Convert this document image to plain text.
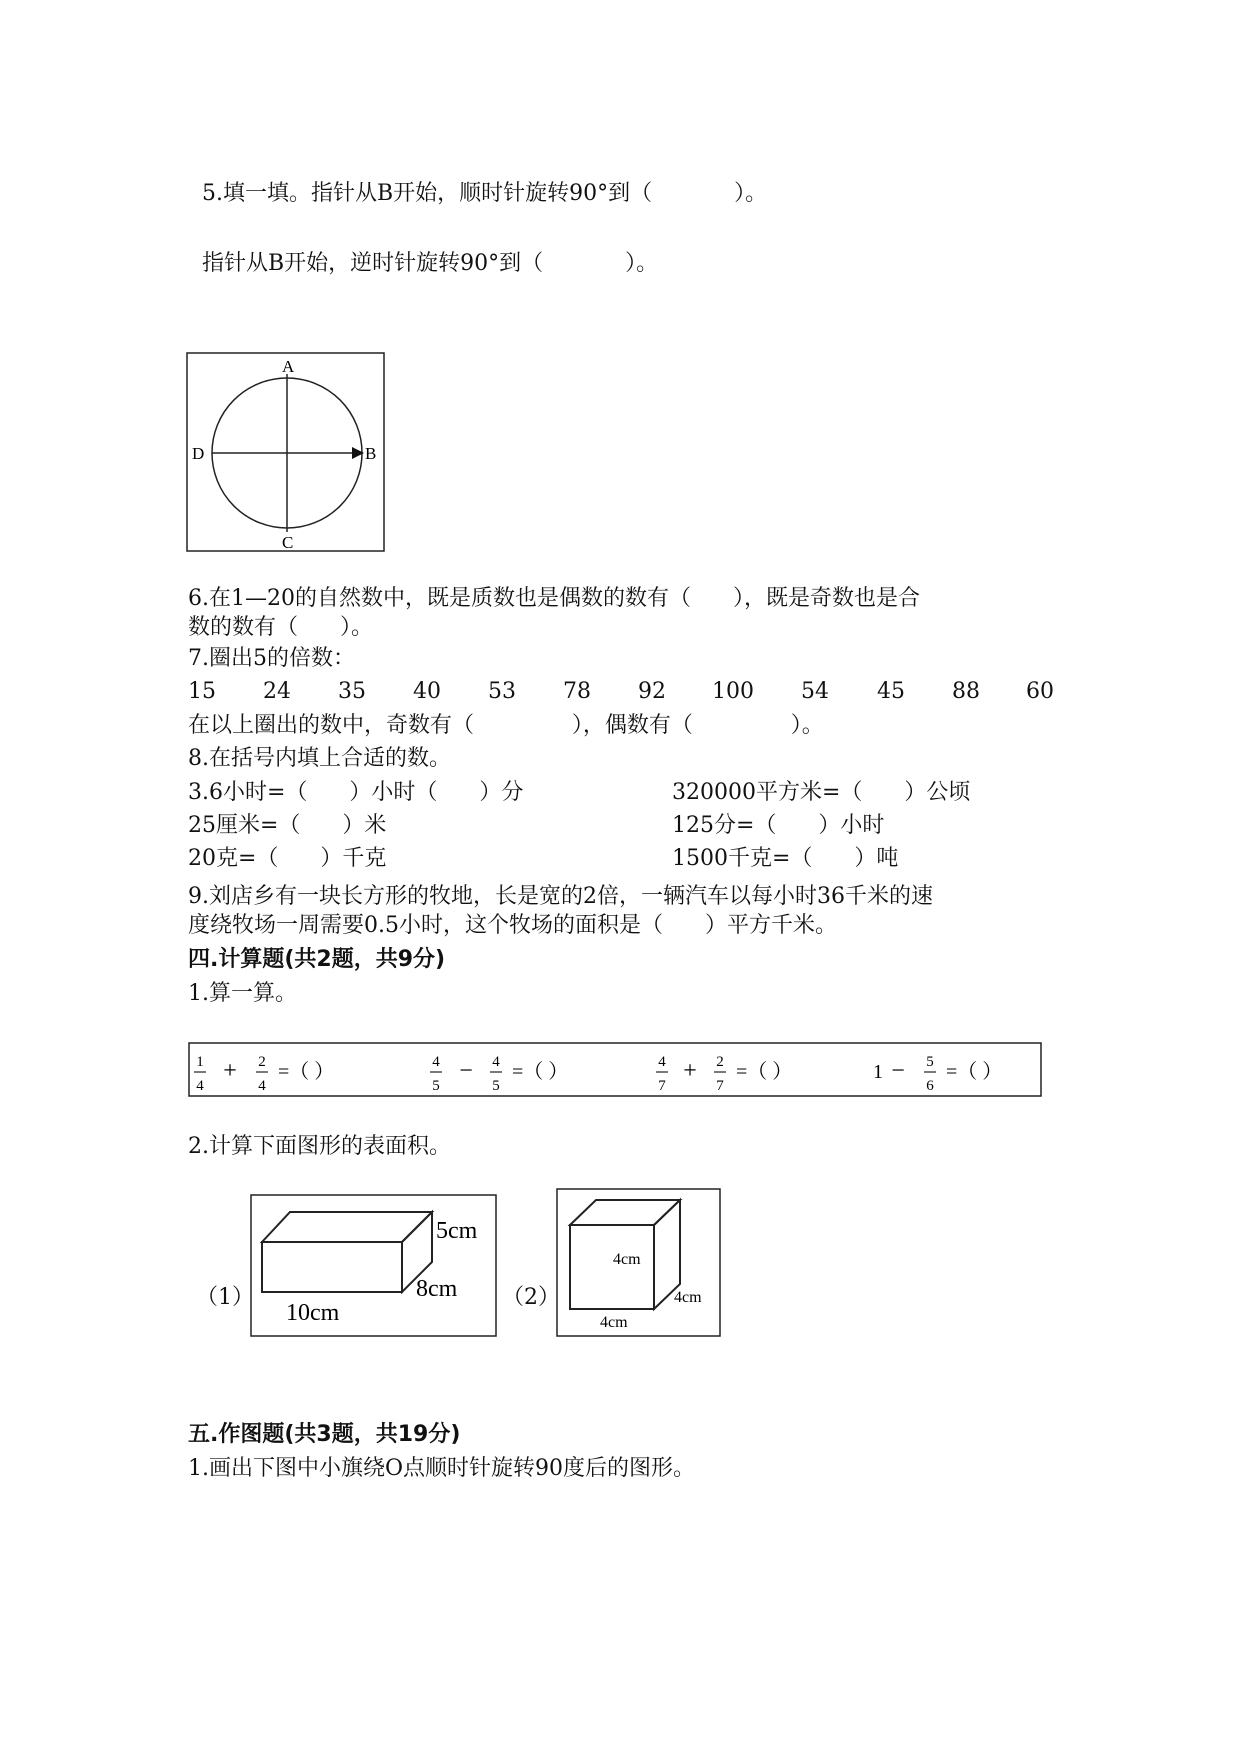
5.填一填。指针从B开始，顺时针旋转90°到（	）。

指针从B开始，逆时针旋转90°到（	）。

A
B
C
D
6.在1—20的自然数中，既是质数也是偶数的数有（      ），既是奇数也是合
数的数有（      ）。
7.圈出5的倍数：
15 24 35 40 53 78 92 100 54 45 88 60
在以上圈出的数中，奇数有（              ），偶数有（              ）。
8.在括号内填上合适的数。
3.6小时=（      ）小时（      ）分	320000平方米=（      ）公顷
25厘米=（      ）米	125分=（      ）小时
20克=（      ）千克	1500千克=（      ）吨
9.刘店乡有一块长方形的牧地，长是宽的2倍，一辆汽车以每小时36千米的速
度绕牧场一周需要0.5小时，这个牧场的面积是（      ）平方千米。
四.计算题(共2题，共9分)
1.算一算。
1
4
+ 2
4
=（ ）	4
5
− 4
5
=（ ）	4
7
+ 2
7
=（ ）	1 − 5
6
=（ ）
2.计算下面图形的表面积。
（1）
5cm
8cm
10cm
（2）
4cm
4cm
4cm
五.作图题(共3题，共19分)
1.画出下图中小旗绕O点顺时针旋转90度后的图形。
